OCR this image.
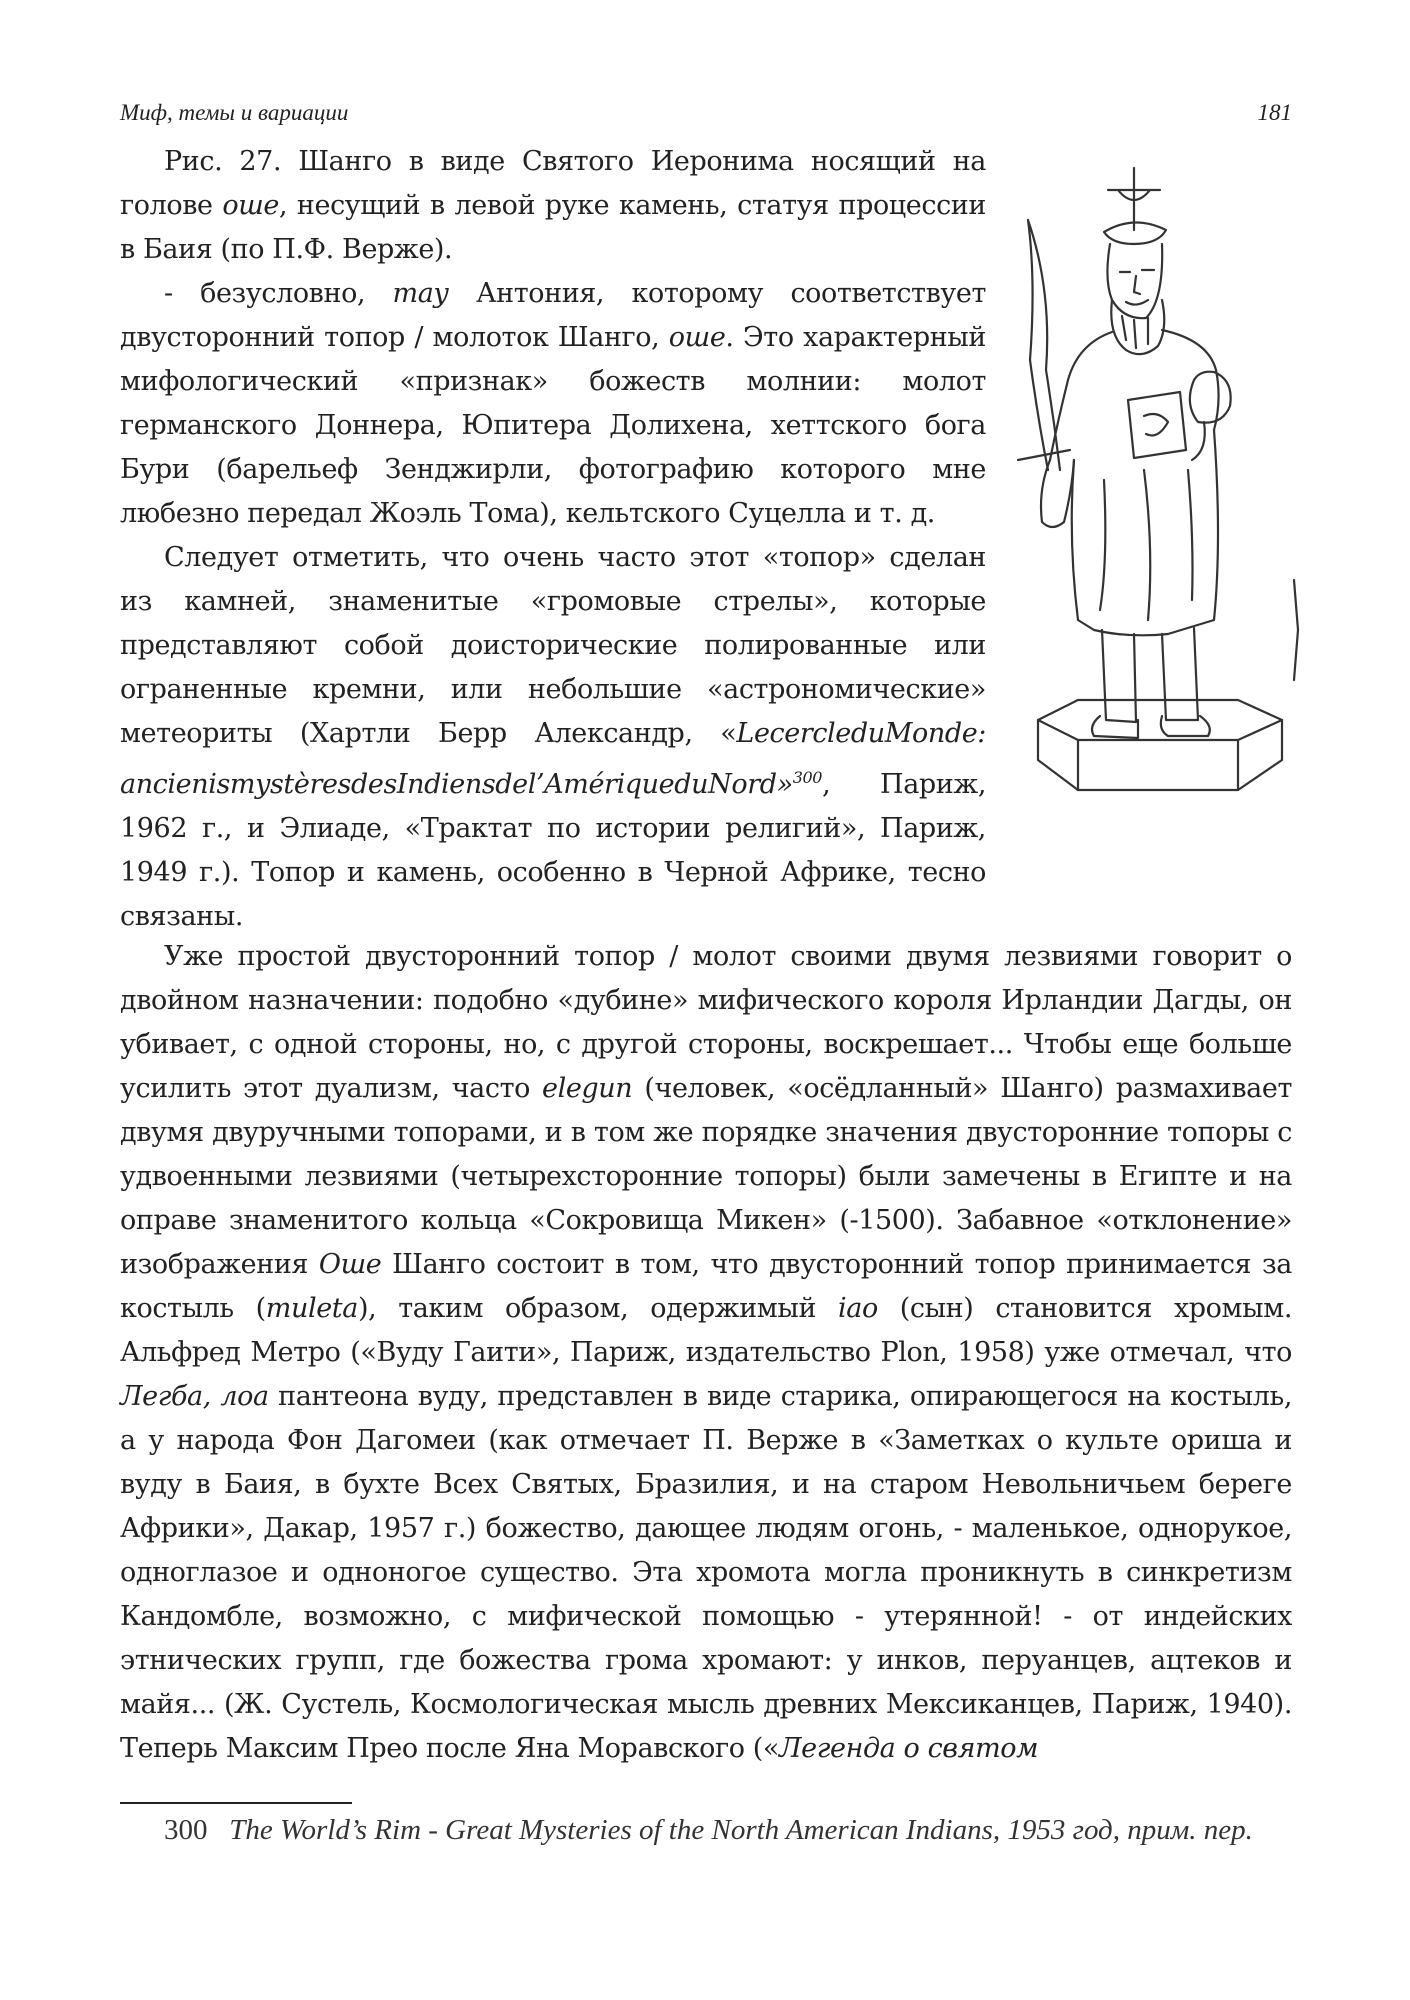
Миф, темы и вариации	181

Рис. 27. Шанго в виде Святого Иеронима носящий на голове оше, несущий в левой руке камень, статуя процессии в Баия (по П.Ф. Верже).

- безусловно, тау Антония, которому соответствует двусторонний топор / молоток Шанго, оше. Это характерный мифологический «признак» божеств молнии: молот германского Доннера, Юпитера Долихена, хеттского бога Бури (барельеф Зенджирли, фотографию которого мне любезно передал Жоэль Тома), кельтского Суцелла и т. д.

Следует отметить, что очень часто этот «топор» сделан из камней, знаменитые «громовые стрелы», которые представляют собой доисторические полированные или ограненные кремни, или небольшие «астрономические» метеориты (Хартли Берр Александр, «LecercleduMonde: ancienismystèresdesIndiensdel’AmériqueduNord»$^{300}$, Париж, 1962 г., и Элиаде, «Трактат по истории религий», Париж, 1949 г.). Топор и камень, особенно в Черной Африке, тесно связаны.

Уже простой двусторонний топор / молот своими двумя лезвиями говорит о двойном назначении: подобно «дубине» мифического короля Ирландии Дагды, он убивает, с одной стороны, но, с другой стороны, воскрешает... Чтобы еще больше усилить этот дуализм, часто elegun (человек, «осёдланный» Шанго) размахивает двумя двуручными топорами, и в том же порядке значения двусторонние топоры с удвоенными лезвиями (четырехсторонние топоры) были замечены в Египте и на оправе знаменитого кольца «Сокровища Микен» (-1500). Забавное «отклонение» изображения Оше Шанго состоит в том, что двусторонний топор принимается за костыль (muleta), таким образом, одержимый iao (сын) становится хромым. Альфред Метро («Вуду Гаити», Париж, издательство Plon, 1958) уже отмечал, что Легба, лоа пантеона вуду, представлен в виде старика, опирающегося на костыль, а у народа Фон Дагомеи (как отмечает П. Верже в «Заметках о культе ориша и вуду в Баия, в бухте Всех Святых, Бразилия, и на старом Невольничьем береге Африки», Дакар, 1957 г.) божество, дающее людям огонь, - маленькое, однорукое, одноглазое и одноногое существо. Эта хромота могла проникнуть в синкретизм Кандомбле, возможно, с мифической помощью - утерянной! - от индейских этнических групп, где божества грома хромают: у инков, перуанцев, ацтеков и майя... (Ж. Сустель, Космологическая мысль древних Мексиканцев, Париж, 1940). Теперь Максим Прео после Яна Моравского («Легенда о святом

300 The World’s Rim - Great Mysteries of the North American Indians, 1953 год, прим. пер.
